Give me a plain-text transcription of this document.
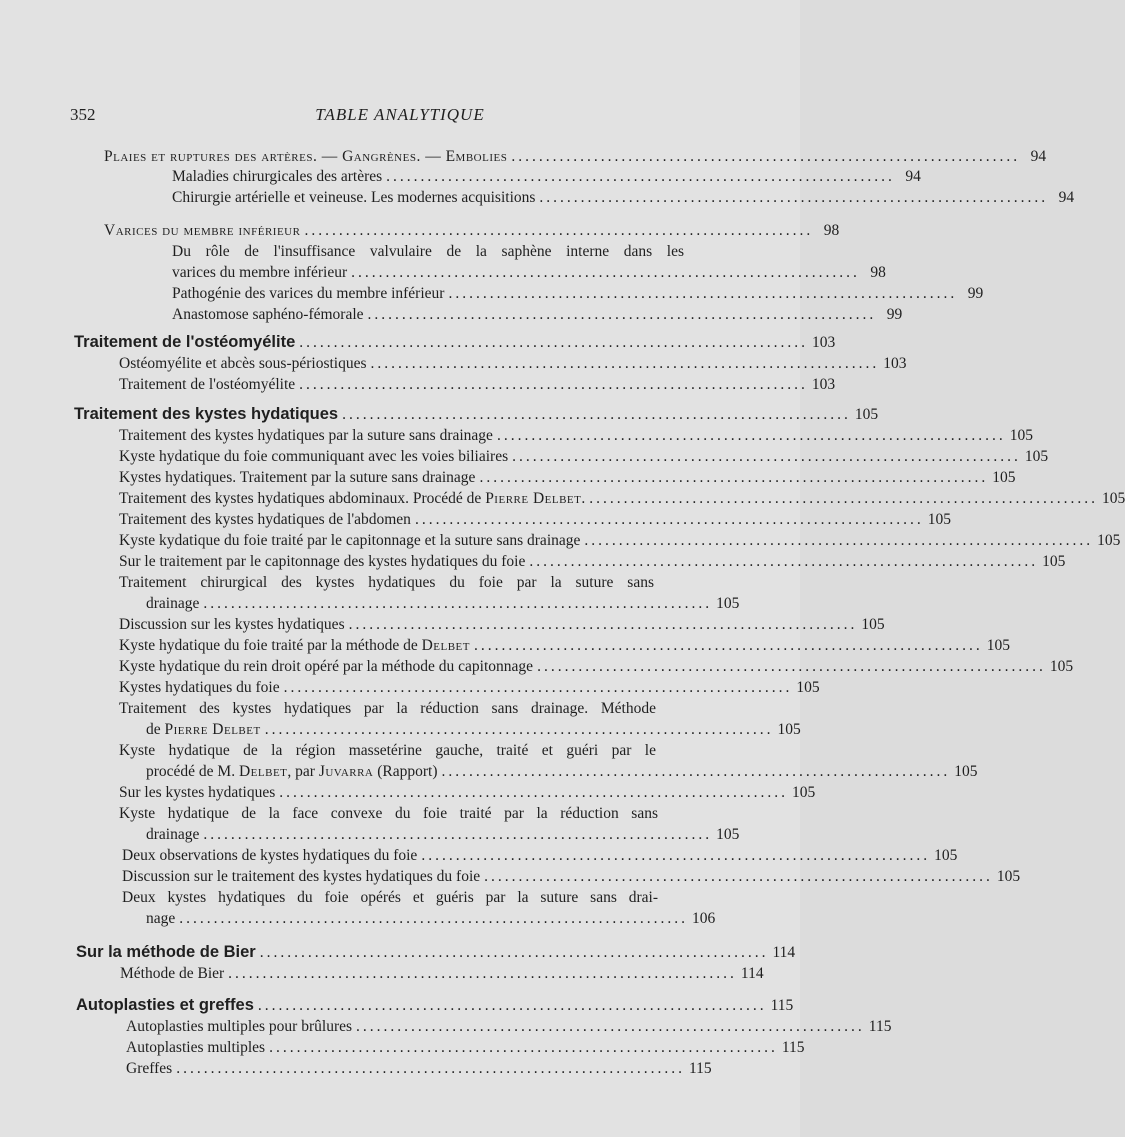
352	TABLE ANALYTIQUE
Plaies et ruptures des artères. — Gangrènes. — Embolies .......................................................................... 94
Maladies chirurgicales des artères .......................................................................... 94
Chirurgie artérielle et veineuse. Les modernes acquisitions .......................................................................... 94
Varices du membre inférieur .......................................................................... 98
Du rôle de l'insuffisance valvulaire de la saphène interne dans les
varices du membre inférieur .......................................................................... 98
Pathogénie des varices du membre inférieur .......................................................................... 99
Anastomose saphéno-fémorale .......................................................................... 99
Traitement de l'ostéomyélite .......................................................................... 103
Ostéomyélite et abcès sous-périostiques .......................................................................... 103
Traitement de l'ostéomyélite .......................................................................... 103
Traitement des kystes hydatiques .......................................................................... 105
Traitement des kystes hydatiques par la suture sans drainage .......................................................................... 105
Kyste hydatique du foie communiquant avec les voies biliaires .......................................................................... 105
Kystes hydatiques. Traitement par la suture sans drainage .......................................................................... 105
Traitement des kystes hydatiques abdominaux. Procédé de Pierre Delbet. .......................................................................... 105
Traitement des kystes hydatiques de l'abdomen .......................................................................... 105
Kyste kydatique du foie traité par le capitonnage et la suture sans drainage .......................................................................... 105
Sur le traitement par le capitonnage des kystes hydatiques du foie .......................................................................... 105
Traitement chirurgical des kystes hydatiques du foie par la suture sans
drainage .......................................................................... 105
Discussion sur les kystes hydatiques .......................................................................... 105
Kyste hydatique du foie traité par la méthode de Delbet .......................................................................... 105
Kyste hydatique du rein droit opéré par la méthode du capitonnage .......................................................................... 105
Kystes hydatiques du foie .......................................................................... 105
Traitement des kystes hydatiques par la réduction sans drainage. Méthode
de Pierre Delbet .......................................................................... 105
Kyste hydatique de la région massetérine gauche, traité et guéri par le
procédé de M. Delbet, par Juvarra (Rapport) .......................................................................... 105
Sur les kystes hydatiques .......................................................................... 105
Kyste hydatique de la face convexe du foie traité par la réduction sans
drainage .......................................................................... 105
Deux observations de kystes hydatiques du foie .......................................................................... 105
Discussion sur le traitement des kystes hydatiques du foie .......................................................................... 105
Deux kystes hydatiques du foie opérés et guéris par la suture sans drai-
nage .......................................................................... 106
Sur la méthode de Bier .......................................................................... 114
Méthode de Bier .......................................................................... 114
Autoplasties et greffes .......................................................................... 115
Autoplasties multiples pour brûlures .......................................................................... 115
Autoplasties multiples .......................................................................... 115
Greffes .......................................................................... 115
